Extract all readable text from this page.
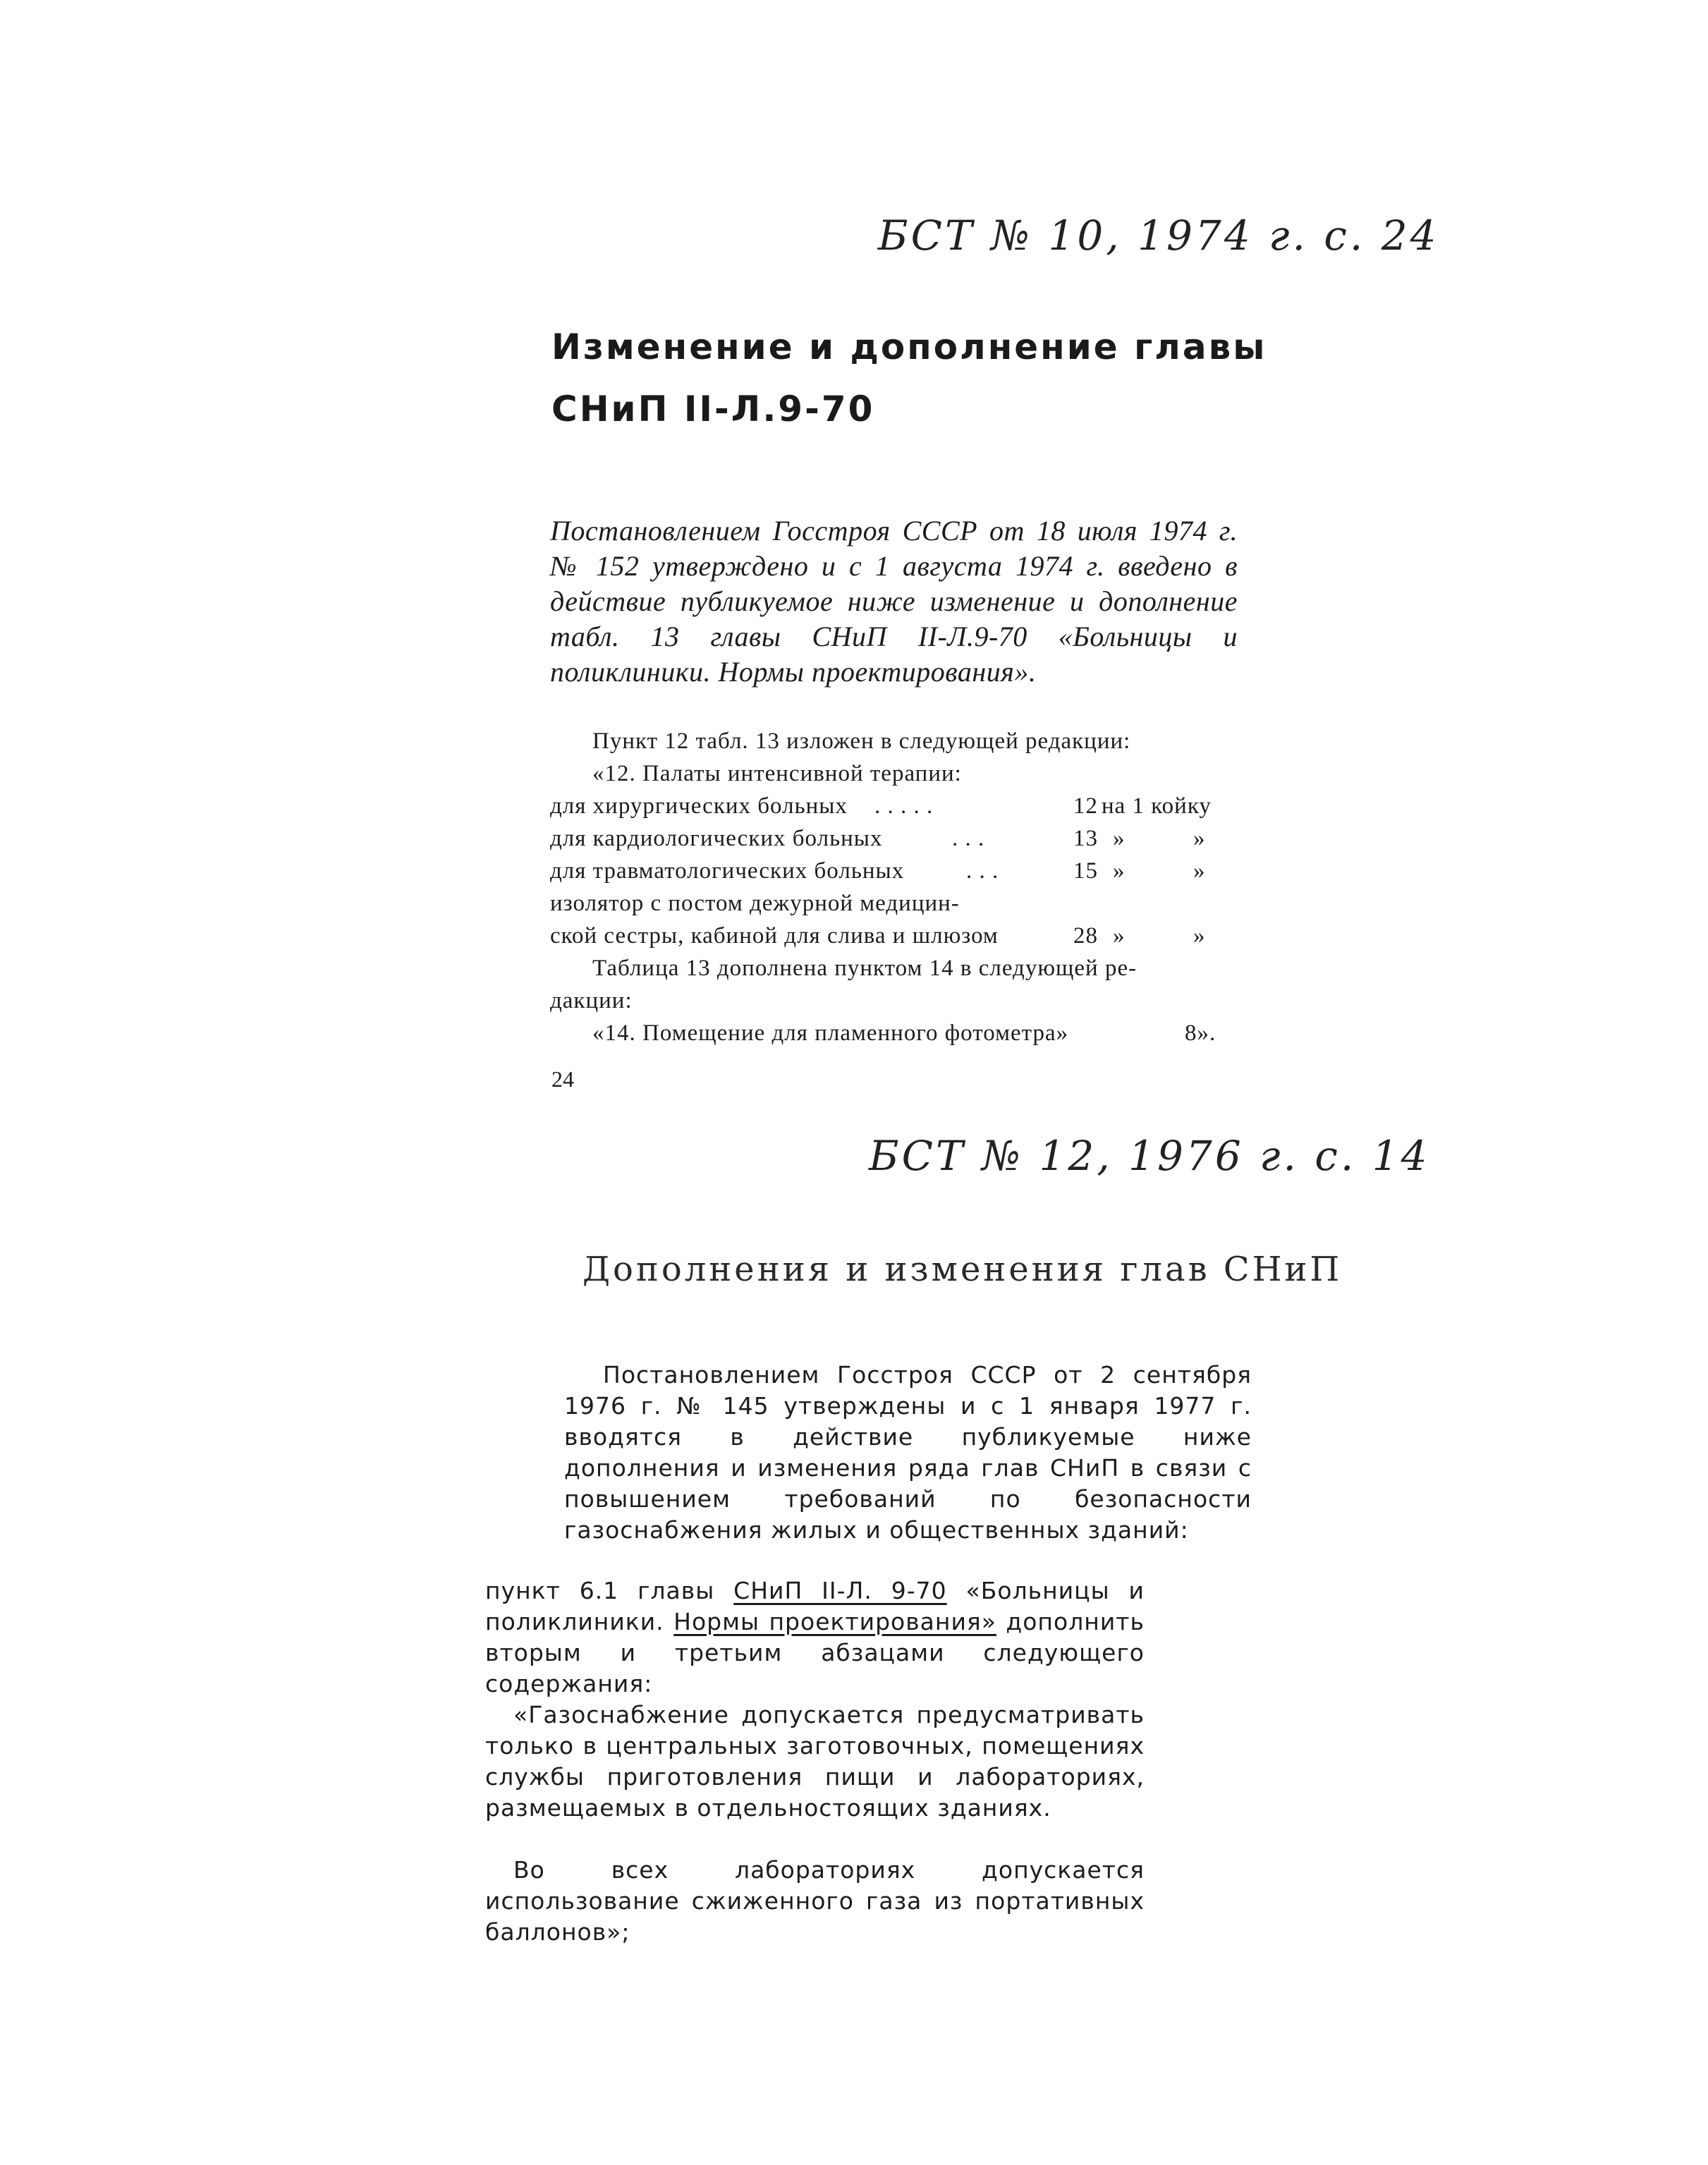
БСТ № 10, 1974 г. с. 24
Изменение и дополнение главы
СНиП II-Л.9-70
Постановлением Госстроя СССР от 18 июля 1974 г. № 152 утверждено и с 1 августа 1974 г. введено в действие публикуемое ниже изменение и дополнение табл. 13 главы СНиП II-Л.9-70 «Больницы и поликлиники. Нормы проектирования».
Пункт 12 табл. 13 изложен в следующей редакции:
«12. Палаты интенсивной терапии:
для хирургических больных . . . . .	12 на 1 койку
для кардиологических больных	. . .	13 »	»
для травматологических больных	. . .	15 »	»
изолятор с постом дежурной медицин-
ской сестры, кабиной для слива и шлюзом	28 »	»
Таблица 13 дополнена пунктом 14 в следующей ре-
дакции:
«14. Помещение для пламенного фотометра»	8».
24
БСТ № 12, 1976 г. с. 14
Дополнения и изменения глав СНиП
Постановлением Госстроя СССР от 2 сентября 1976 г. № 145 утверждены и с 1 января 1977 г. вводятся в действие публикуемые ниже дополнения и изменения ряда глав СНиП в связи с повышением требований по безопасности газоснабжения жилых и общественных зданий:
пункт 6.1 главы СНиП II-Л. 9-70 «Больницы и поликлиники. Нормы проектирования» дополнить вторым и третьим абзацами следующего содержания:
«Газоснабжение допускается предусматривать только в центральных заготовочных, помещениях службы приготовления пищи и лабораториях, размещаемых в отдельностоящих зданиях.
Во всех лабораториях допускается использование сжиженного газа из портативных баллонов»;
